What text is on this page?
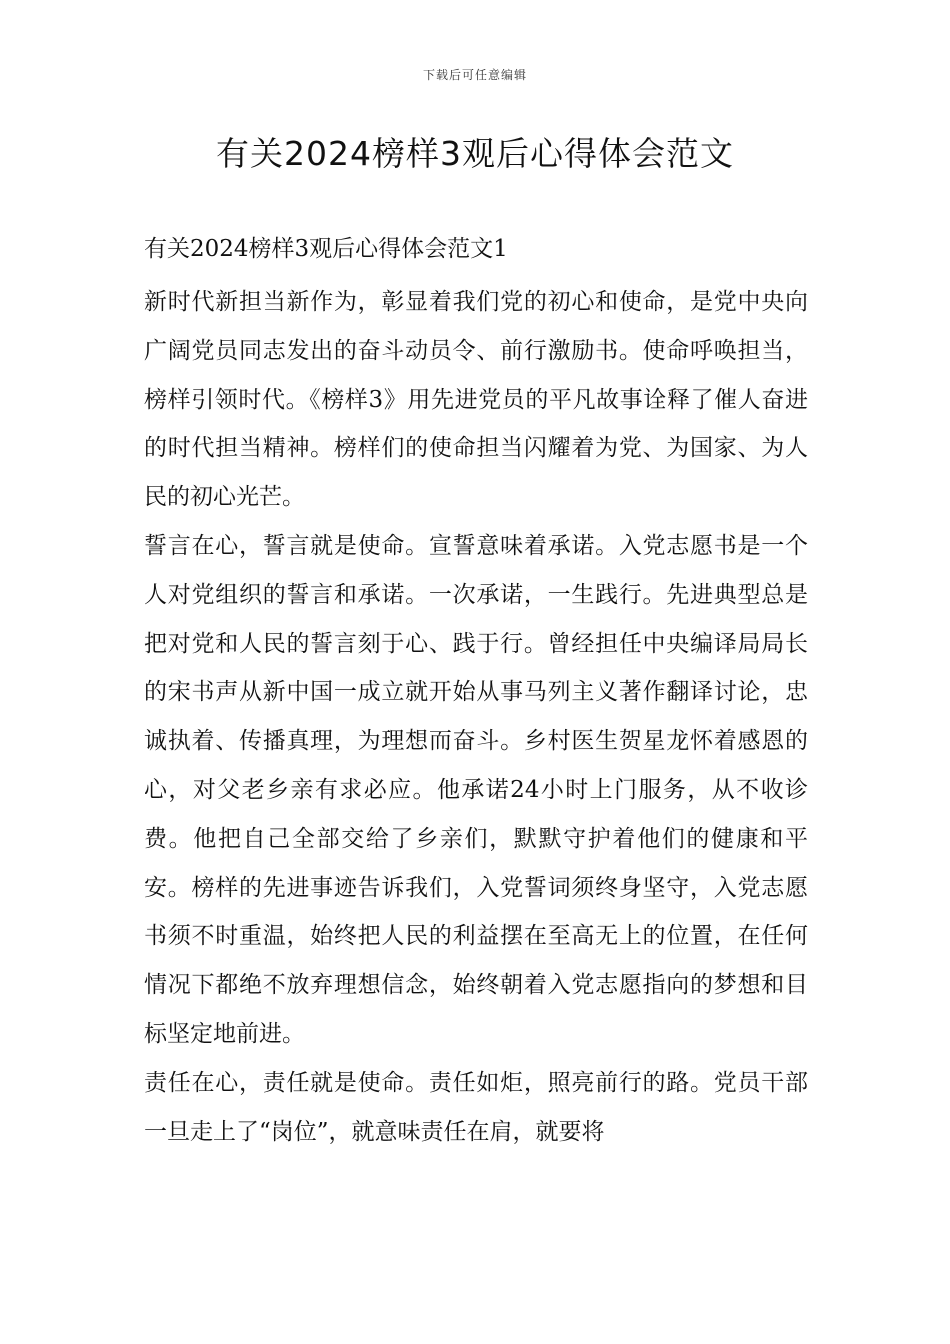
下载后可任意编辑
有关2024榜样3观后心得体会范文

有关2024榜样3观后心得体会范文1

新时代新担当新作为，彰显着我们党的初心和使命，是党中央向广阔党员同志发出的奋斗动员令、前行激励书。使命呼唤担当，榜样引领时代。《榜样3》用先进党员的平凡故事诠释了催人奋进的时代担当精神。榜样们的使命担当闪耀着为党、为国家、为人民的初心光芒。

誓言在心，誓言就是使命。宣誓意味着承诺。入党志愿书是一个人对党组织的誓言和承诺。一次承诺，一生践行。先进典型总是把对党和人民的誓言刻于心、践于行。曾经担任中央编译局局长的宋书声从新中国一成立就开始从事马列主义著作翻译讨论，忠诚执着、传播真理，为理想而奋斗。乡村医生贺星龙怀着感恩的心，对父老乡亲有求必应。他承诺24小时上门服务，从不收诊费。他把自己全部交给了乡亲们，默默守护着他们的健康和平安。榜样的先进事迹告诉我们，入党誓词须终身坚守，入党志愿书须不时重温，始终把人民的利益摆在至高无上的位置，在任何情况下都绝不放弃理想信念，始终朝着入党志愿指向的梦想和目标坚定地前进。

责任在心，责任就是使命。责任如炬，照亮前行的路。党员干部一旦走上了“岗位”，就意味责任在肩，就要将
